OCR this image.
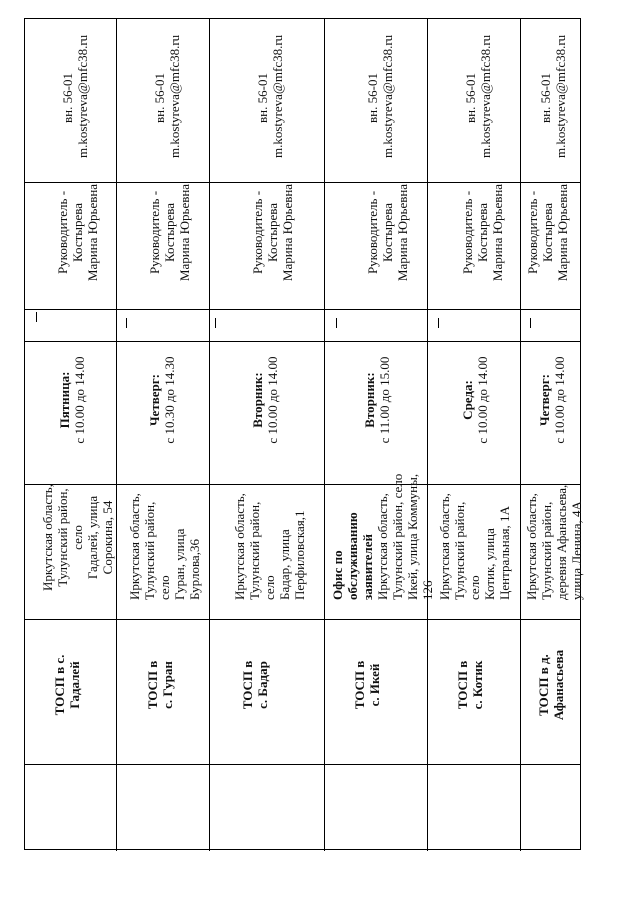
вн. 56-01
m.kostyreva@mfc38.ru
Руководитель -
Костырева
Марина Юрьевна
Пятница: с 10.00 до 14.00
Иркутская область,
Тулунский район, село
Гадалей, улица
Сорокина, 54
ТОСП в с.
Гадалей
вн. 56-01
m.kostyreva@mfc38.ru
Руководитель -
Костырева
Марина Юрьевна
Четверг: с 10.30 до 14.30
Иркутская область,
Тулунский район, село
Гуран, улица
Бурлова,36
ТОСП в
с. Гуран
вн. 56-01
m.kostyreva@mfc38.ru
Руководитель -
Костырева
Марина Юрьевна
Вторник: с 10.00 до 14.00
Иркутская область,
Тулунский район, село
Бадар, улица
Перфиловская,1
ТОСП в
с. Бадар
вн. 56-01
m.kostyreva@mfc38.ru
Руководитель -
Костырева
Марина Юрьевна
Вторник: с 11.00 до 15.00
Офис по
обслуживанию
заявителей Иркутская область,
Тулунский район, село
Икей, улица Коммуны,
126
ТОСП в
с. Икей
вн. 56-01
m.kostyreva@mfc38.ru
Руководитель -
Костырева
Марина Юрьевна
Среда: с 10.00 до 14.00
Иркутская область,
Тулунский район, село
Котик, улица
Центральная, 1А
ТОСП в
с. Котик
вн. 56-01
m.kostyreva@mfc38.ru
Руководитель -
Костырева
Марина Юрьевна
Четверг: с 10.00 до 14.00
Иркутская область,
Тулунский район,
деревня Афанасьева,
улица Ленина, 4А
ТОСП в д.
Афанасьева
